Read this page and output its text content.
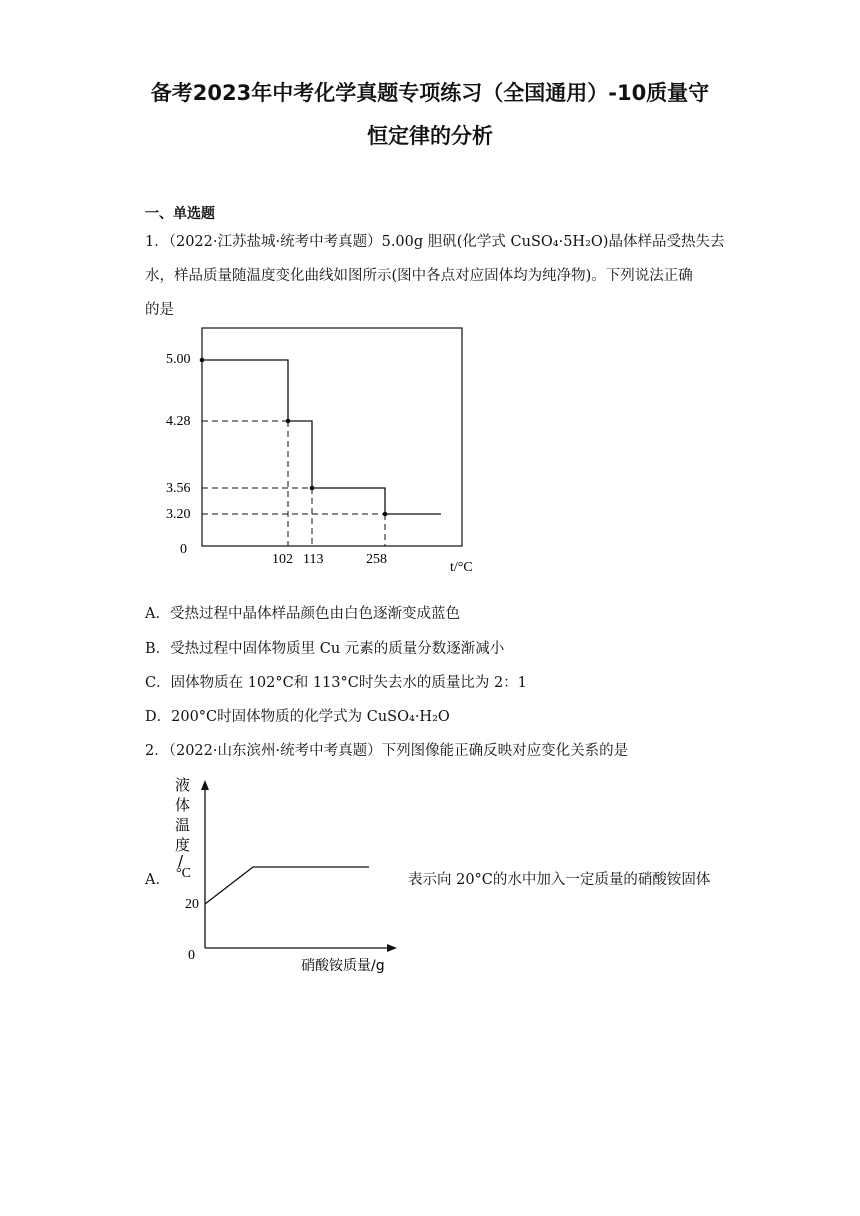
备考2023年中考化学真题专项练习（全国通用）-10质量守
恒定律的分析
一、单选题
1．（2022·江苏盐城·统考中考真题）5.00g 胆矾(化学式 CuSO₄·5H₂O)晶体样品受热失去
水，样品质量随温度变化曲线如图所示(图中各点对应固体均为纯净物)。下列说法正确
的是
5.00
4.28
3.56
3.20
0
102 113	258
t/°C
A．受热过程中晶体样品颜色由白色逐渐变成蓝色
B．受热过程中固体物质里 Cu 元素的质量分数逐渐减小
C．固体物质在 102°C和 113°C时失去水的质量比为 2：1
D．200°C时固体物质的化学式为 CuSO₄·H₂O
2．（2022·山东滨州·统考中考真题）下列图像能正确反映对应变化关系的是
A．
液
体
温
度
/
°C
20
0
硝酸铵质量/g
表示向 20°C的水中加入一定质量的硝酸铵固体
